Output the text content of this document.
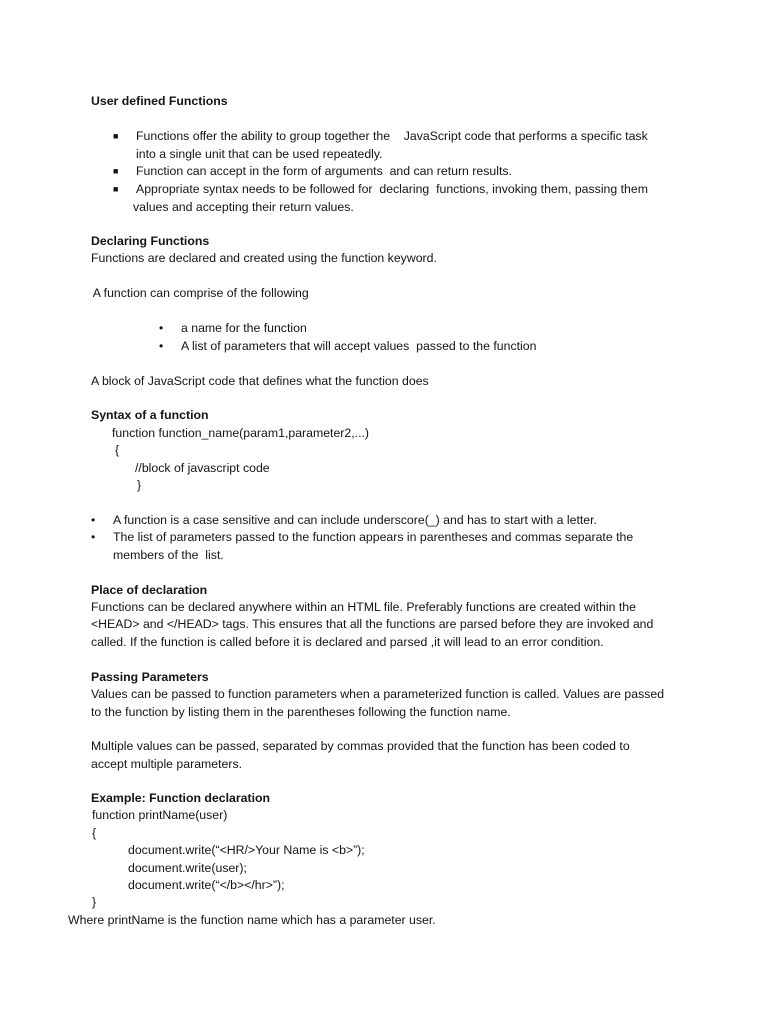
User defined Functions
■ Functions offer the ability to group together the    JavaScript code that performs a specific task
into a single unit that can be used repeatedly.
■ Function can accept in the form of arguments  and can return results.
■ Appropriate syntax needs to be followed for  declaring  functions, invoking them, passing them
values and accepting their return values.
Declaring Functions
Functions are declared and created using the function keyword.
A function can comprise of the following
• a name for the function
• A list of parameters that will accept values  passed to the function
A block of JavaScript code that defines what the function does
Syntax of a function
function function_name(param1,parameter2,...)
{
//block of javascript code
}
• A function is a case sensitive and can include underscore(_) and has to start with a letter.
• The list of parameters passed to the function appears in parentheses and commas separate the
members of the  list.
Place of declaration
Functions can be declared anywhere within an HTML file. Preferably functions are created within the
<HEAD> and </HEAD> tags. This ensures that all the functions are parsed before they are invoked and
called. If the function is called before it is declared and parsed ,it will lead to an error condition.
Passing Parameters
Values can be passed to function parameters when a parameterized function is called. Values are passed
to the function by listing them in the parentheses following the function name.
Multiple values can be passed, separated by commas provided that the function has been coded to
accept multiple parameters.
Example: Function declaration
function printName(user)
{
document.write(“<HR/>Your Name is <b>”);
document.write(user);
document.write(“</b></hr>”);
}
Where printName is the function name which has a parameter user.
